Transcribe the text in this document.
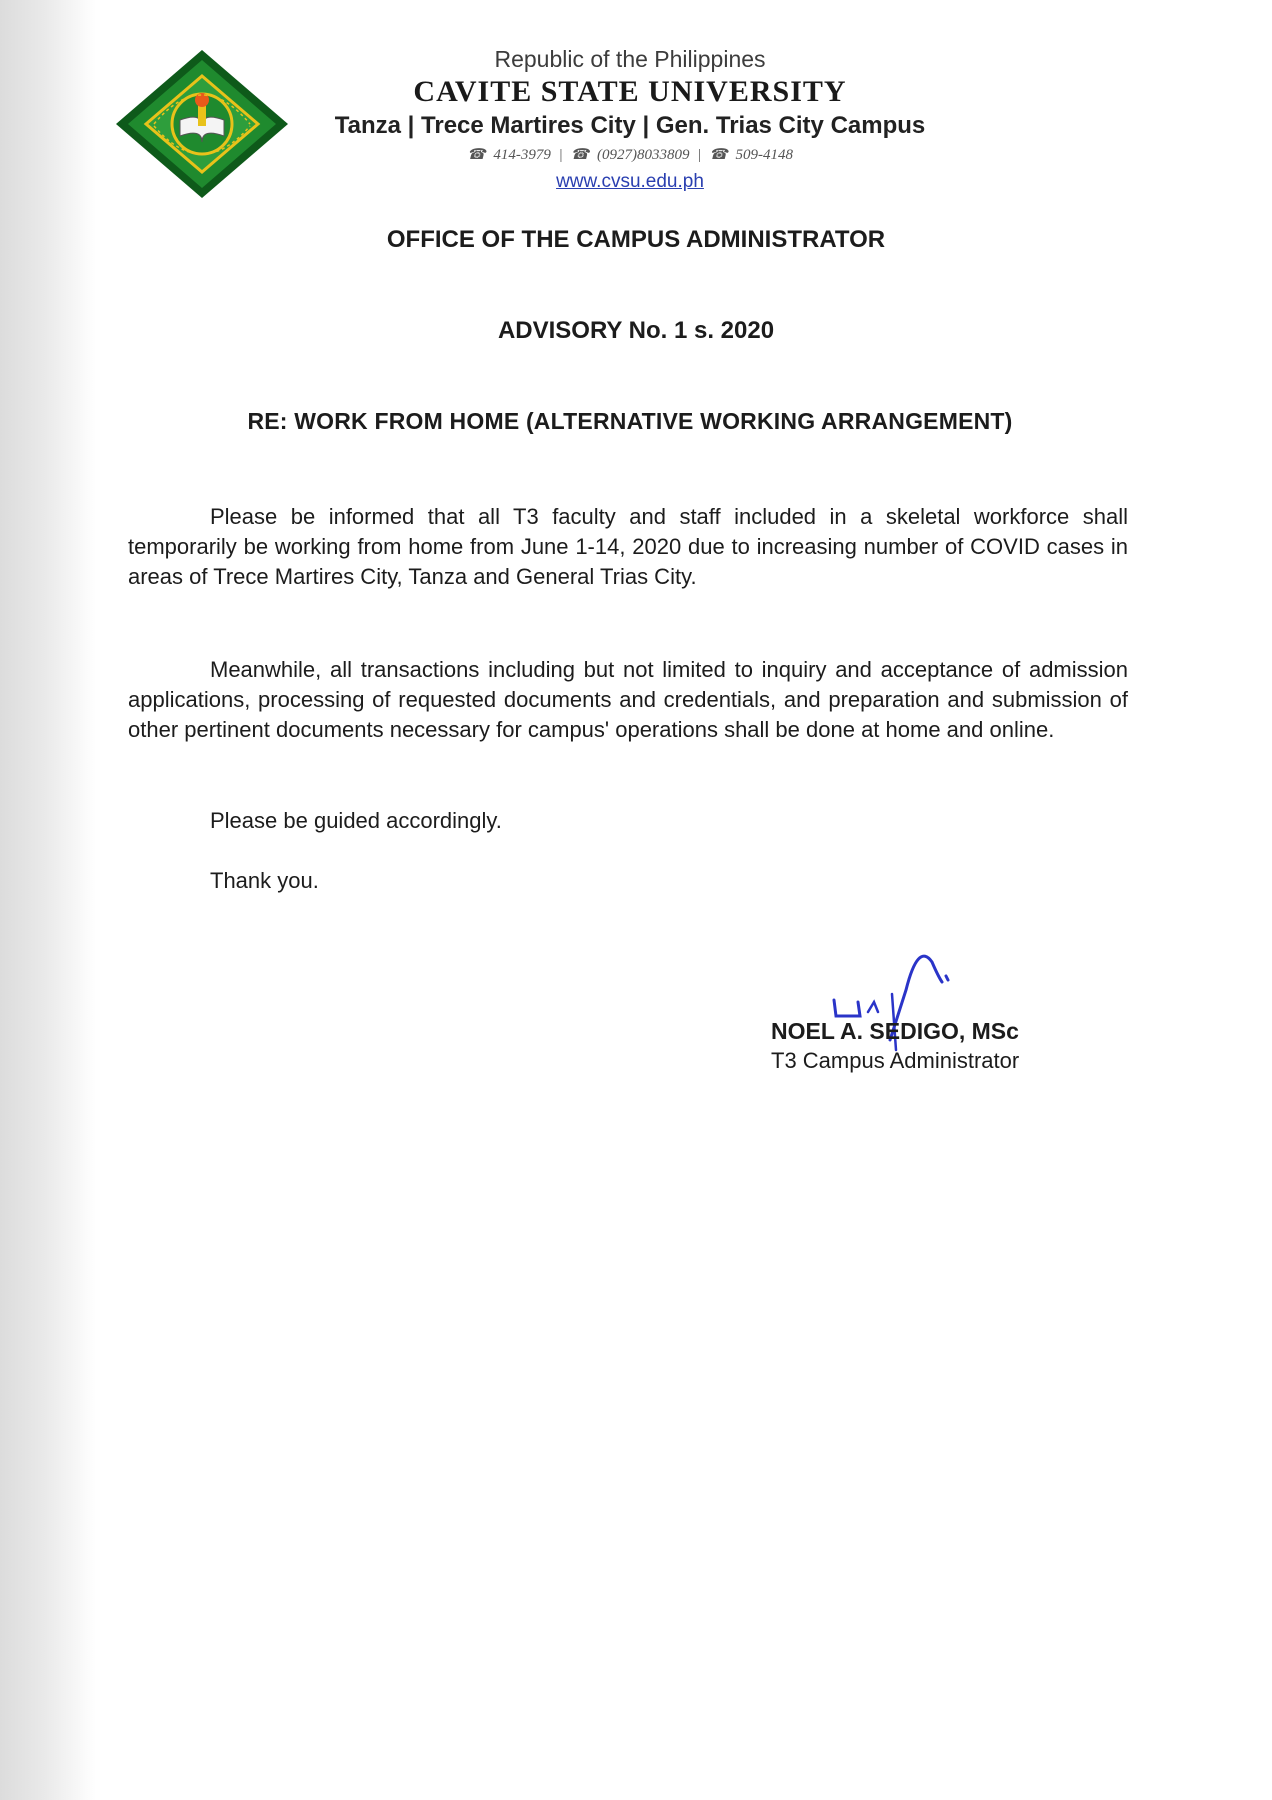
Republic of the Philippines
CAVITE STATE UNIVERSITY
Tanza | Trece Martires City | Gen. Trias City Campus
☎ 414-3979 | ☎ (0927)8033809 | ☎ 509-4148
www.cvsu.edu.ph
OFFICE OF THE CAMPUS ADMINISTRATOR
ADVISORY No. 1 s. 2020
RE: WORK FROM HOME (ALTERNATIVE WORKING ARRANGEMENT)
Please be informed that all T3 faculty and staff included in a skeletal workforce shall temporarily be working from home from June 1-14, 2020 due to increasing number of COVID cases in areas of Trece Martires City, Tanza and General Trias City.
Meanwhile, all transactions including but not limited to inquiry and acceptance of admission applications, processing of requested documents and credentials, and preparation and submission of other pertinent documents necessary for campus' operations shall be done at home and online.
Please be guided accordingly.
Thank you.
NOEL A. SEDIGO, MSc
T3 Campus Administrator
